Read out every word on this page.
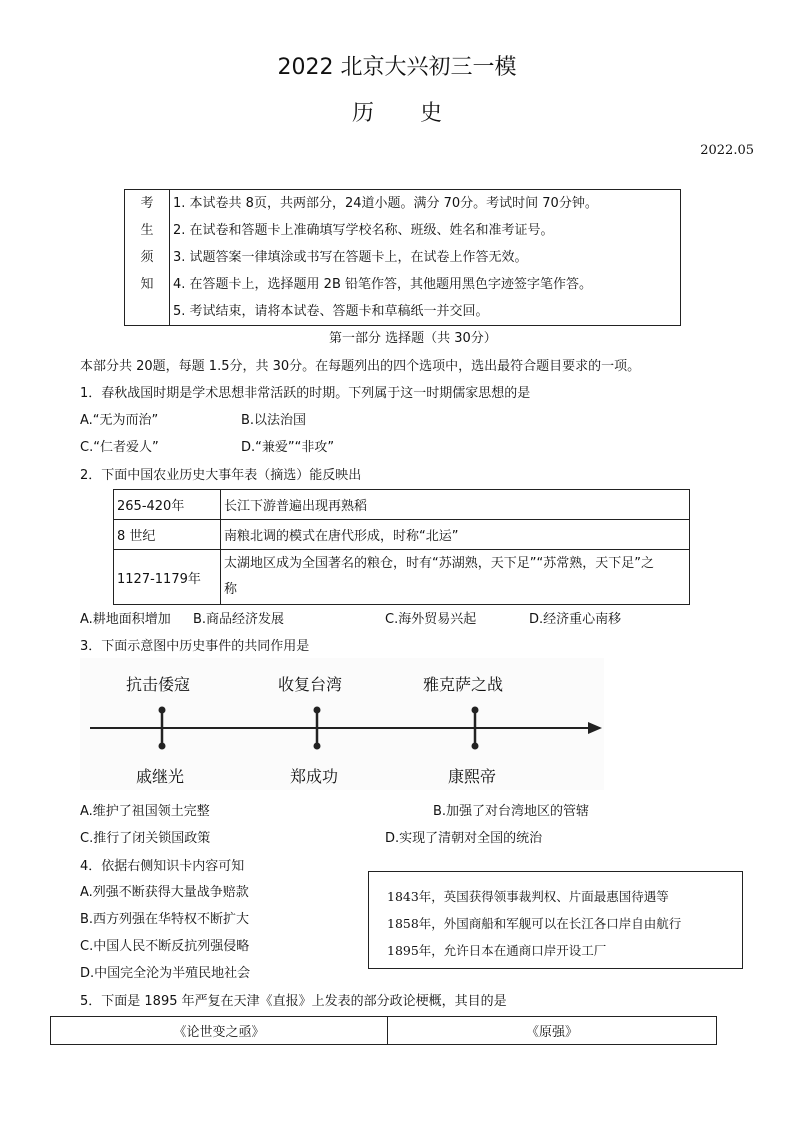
2022 北京大兴初三一模
历史
2022.05
考
生
须
知

1. 本试卷共 8页，共两部分，24道小题。满分 70分。考试时间 70分钟。
2. 在试卷和答题卡上准确填写学校名称、班级、姓名和准考证号。
3. 试题答案一律填涂或书写在答题卡上，在试卷上作答无效。
4. 在答题卡上，选择题用 2B 铅笔作答，其他题用黑色字迹签字笔作答。
5. 考试结束，请将本试卷、答题卡和草稿纸一并交回。
第一部分 选择题（共 30分）
本部分共 20题，每题 1.5分，共 30分。在每题列出的四个选项中，选出最符合题目要求的一项。
1．春秋战国时期是学术思想非常活跃的时期。下列属于这一时期儒家思想的是
A.“无为而治”	B.以法治国
C.“仁者爱人”	D.“兼爱”“非攻”
2．下面中国农业历史大事年表（摘选）能反映出
265-420年	长江下游普遍出现再熟稻
8 世纪	南粮北调的模式在唐代形成，时称“北运”
1127-1179年	太湖地区成为全国著名的粮仓，时有“苏湖熟，天下足”“苏常熟，天下足”之
称
A.耕地面积增加 B.商品经济发展	C.海外贸易兴起	D.经济重心南移
3．下面示意图中历史事件的共同作用是
抗击倭寇	收复台湾	雅克萨之战
戚继光	郑成功	康熙帝
A.维护了祖国领土完整	B.加强了对台湾地区的管辖
C.推行了闭关锁国政策	D.实现了清朝对全国的统治
4．依据右侧知识卡内容可知
A.列强不断获得大量战争赔款
B.西方列强在华特权不断扩大
C.中国人民不断反抗列强侵略
D.中国完全沦为半殖民地社会
1843年，英国获得领事裁判权、片面最惠国待遇等
1858年，外国商船和军舰可以在长江各口岸自由航行
1895年，允许日本在通商口岸开设工厂
5．下面是 1895 年严复在天津《直报》上发表的部分政论梗概，其目的是
《论世变之亟》	《原强》
